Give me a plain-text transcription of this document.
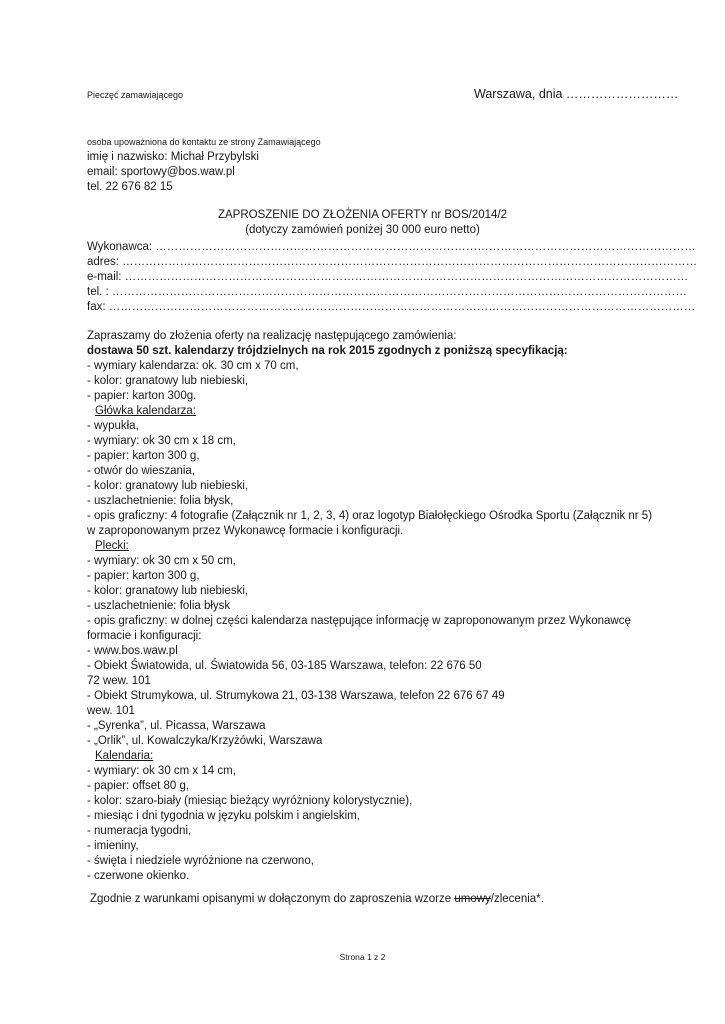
Pieczęć zamawiającego	Warszawa, dnia ………………………
osoba upoważniona do kontaktu ze strony Zamawiającego
imię i nazwisko: Michał Przybylski
email: sportowy@bos.waw.pl
tel. 22 676 82 15
ZAPROSZENIE DO ZŁOŻENIA OFERTY nr BOS/2014/2
(dotyczy zamówień poniżej 30 000 euro netto)
Wykonawca: ……………………………………………………………………………………………………………………………
adres: ……………………………………………………………………………………………………………………………………
e-mail: …………………………………………………………………………………………………………………………………
tel. : ……………………………………………………………………………………………………………………………………
fax: ………………………………………………………………………………………………………………………………………
Zapraszamy do złożenia oferty na realizację następującego zamówienia:
dostawa 50 szt. kalendarzy trójdzielnych na rok 2015 zgodnych z poniższą specyfikacją:
- wymiary kalendarza: ok. 30 cm x 70 cm,
- kolor: granatowy lub niebieski,
- papier: karton 300g.
Główka kalendarza:
- wypukła,
- wymiary: ok 30 cm x 18 cm,
- papier: karton 300 g,
- otwór do wieszania,
- kolor: granatowy lub niebieski,
- uszlachetnienie: folia błysk,
- opis graficzny: 4 fotografie (Załącznik nr 1, 2, 3, 4) oraz logotyp Białołęckiego Ośrodka Sportu (Załącznik nr 5)
w zaproponowanym przez Wykonawcę formacie i konfiguracji.
Plecki:
- wymiary: ok 30 cm x 50 cm,
- papier: karton 300 g,
- kolor: granatowy lub niebieski,
- uszlachetnienie: folia błysk
- opis graficzny: w dolnej części kalendarza następujące informację w zaproponowanym przez Wykonawcę
formacie i konfiguracji:
- www.bos.waw.pl
- Obiekt Światowida, ul. Światowida 56, 03-185 Warszawa, telefon: 22 676 50
72 wew. 101
- Obiekt Strumykowa, ul. Strumykowa 21, 03-138 Warszawa, telefon 22 676 67 49
wew. 101
- „Syrenka”, ul. Picassa, Warszawa
- „Orlik”, ul. Kowalczyka/Krzyżówki, Warszawa
Kalendaria:
- wymiary: ok 30 cm x 14 cm,
- papier: offset 80 g,
- kolor: szaro-biały (miesiąc bieżący wyróżniony kolorystycznie),
- miesiąc i dni tygodnia w języku polskim i angielskim,
- numeracja tygodni,
- imieniny,
- święta i niedziele wyróżnione na czerwono,
- czerwone okienko.
Zgodnie z warunkami opisanymi w dołączonym do zaproszenia wzorze umowy/zlecenia*.
Strona 1 z 2
